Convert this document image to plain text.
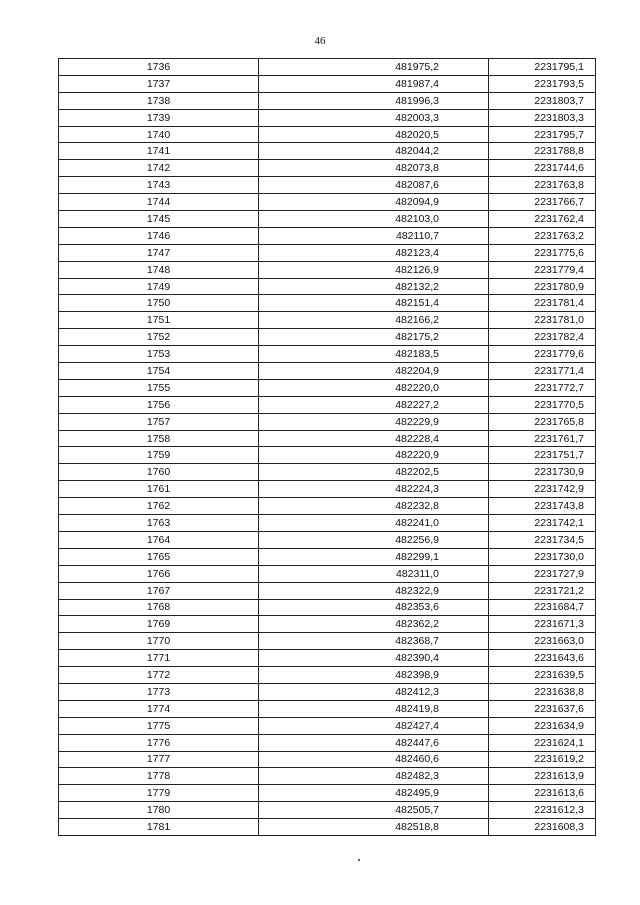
46
1736	481975,2	2231795,1
1737	481987,4	2231793,5
1738	481996,3	2231803,7
1739	482003,3	2231803,3
1740	482020,5	2231795,7
1741	482044,2	2231788,8
1742	482073,8	2231744,6
1743	482087,6	2231763,8
1744	482094,9	2231766,7
1745	482103,0	2231762,4
1746	482110,7	2231763,2
1747	482123,4	2231775,6
1748	482126,9	2231779,4
1749	482132,2	2231780,9
1750	482151,4	2231781,4
1751	482166,2	2231781,0
1752	482175,2	2231782,4
1753	482183,5	2231779,6
1754	482204,9	2231771,4
1755	482220,0	2231772,7
1756	482227,2	2231770,5
1757	482229,9	2231765,8
1758	482228,4	2231761,7
1759	482220,9	2231751,7
1760	482202,5	2231730,9
1761	482224,3	2231742,9
1762	482232,8	2231743,8
1763	482241,0	2231742,1
1764	482256,9	2231734,5
1765	482299,1	2231730,0
1766	482311,0	2231727,9
1767	482322,9	2231721,2
1768	482353,6	2231684,7
1769	482362,2	2231671,3
1770	482368,7	2231663,0
1771	482390,4	2231643,6
1772	482398,9	2231639,5
1773	482412,3	2231638,8
1774	482419,8	2231637,6
1775	482427,4	2231634,9
1776	482447,6	2231624,1
1777	482460,6	2231619,2
1778	482482,3	2231613,9
1779	482495,9	2231613,6
1780	482505,7	2231612,3
1781	482518,8	2231608,3
